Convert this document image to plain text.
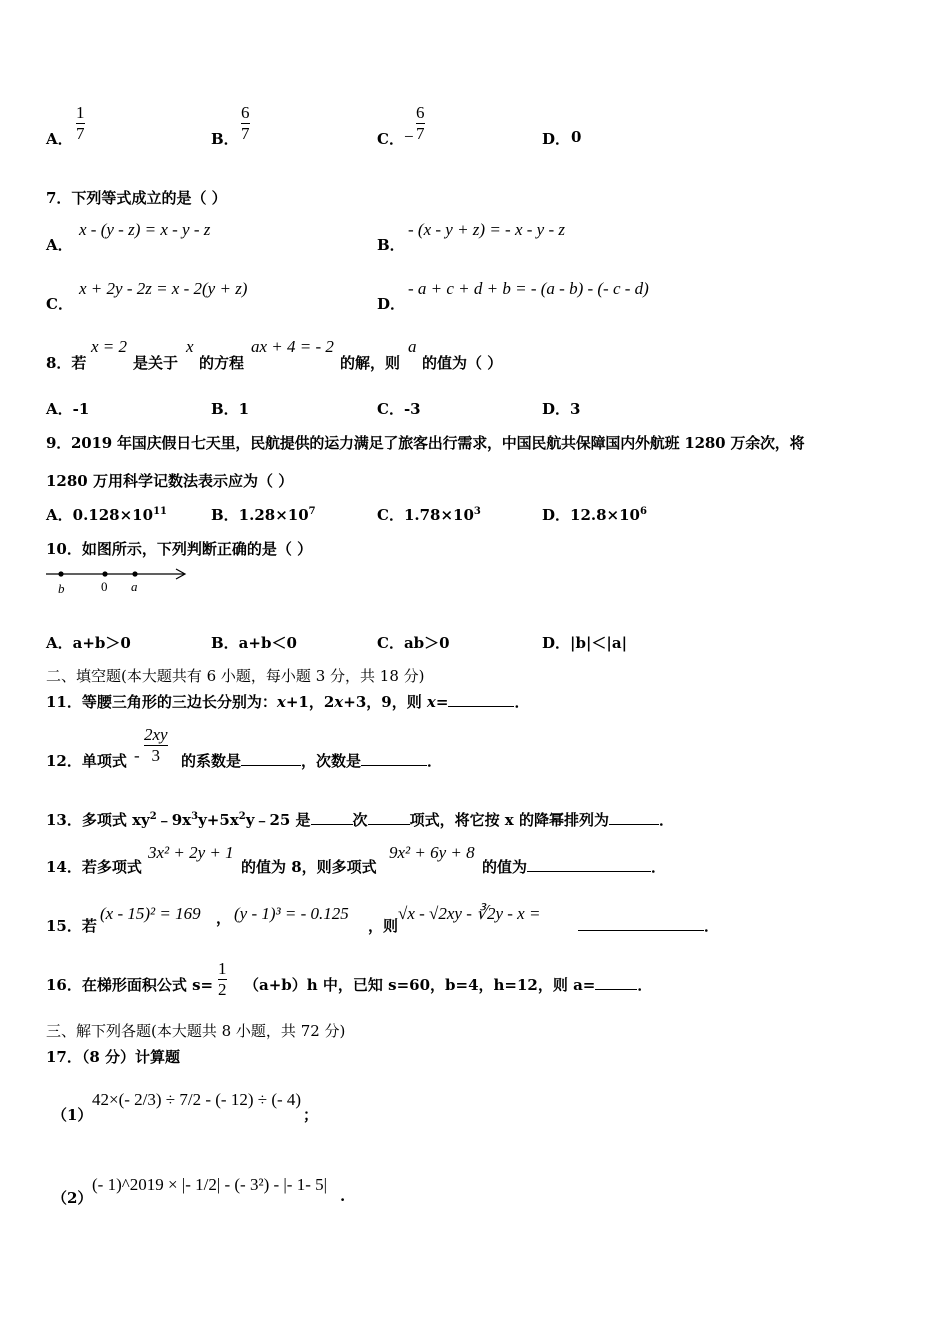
A．
1
7	B．
6
7	C． −
6
7	D． 0
7．下列等式成立的是（ ）
A．
x - (y - z) = x - y - z
B．
- (x - y + z) = - x - y - z
C．
x + 2y - 2z = x - 2(y + z)
D．
- a + c + d + b = - (a - b) - (- c - d)
8．若
x = 2
是关于
x
的方程
ax + 4 = - 2
的解，则
a
的值为（ ）
A．-1	B．1	C．-3	D．3
9．2019 年国庆假日七天里，民航提供的运力满足了旅客出行需求，中国民航共保障国内外航班 1280 万余次，将
1280 万用科学记数法表示应为（ ）
A．$0.128\times 10^{11}$	B．$1.28\times 10^7$	C．$1.78\times 10^3$	D．$12.8\times 10^6$
10．如图所示，下列判断正确的是（ ）
b	0 a
A．a+b＞0	B．a+b＜0	C．ab＞0	D．|b|＜|a|
二、填空题(本大题共有 6 小题，每小题 3 分，共 18 分)
11．等腰三角形的三边长分别为：x+1，2x+3，9，则 x=	．
12．单项式 -
2xy
3	的系数是	，次数是	．
13．多项式 $xy^2﹣9x^3y+5x^2y﹣25$ 是	次	项式，将它按 x 的降幂排列为	．
14．若多项式
3x² + 2y + 1
的值为 8，则多项式
9x² + 6y + 8
的值为	．
15．若
(x - 15)² = 169 ， (y - 1)³ = - 0.125
，则
√x - √2xy - ∛2y - x =
．
16．在梯形面积公式 s=
1
2 （a+b）h 中，已知 s=60，b=4，h=12，则 a=	．
三、解下列各题(本大题共 8 小题，共 72 分)
17．（8 分）计算题
（1）
42×(- 2/3) ÷ 7/2 - (- 12) ÷ (- 4)
；
（2）
(- 1)^2019 × |- 1/2| - (- 3²) - |- 1- 5|
.
